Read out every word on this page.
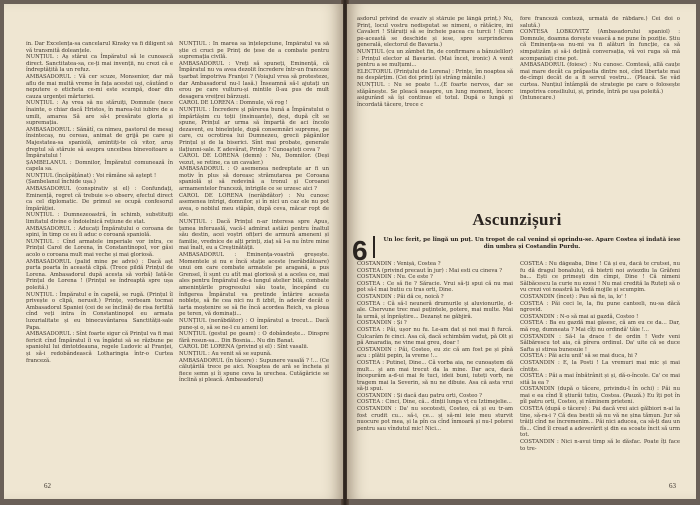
în. Dar Excelența-sa cancelarul Kinsky va fi diligent să vă transmită doleanțele.

NUNȚIUL : Aș stărui ca Împăratul să le cunoască direct. Sanctitatea-sa, ce-ți mai invenții, nu crezi că e îndreptățită la un refuz.

AMBASADORUL : Vă cer scuze, Monsenior, dar mă aflu de mai multă vreme în fața acestei uși, căutând o neputere o eticheta ce-mi este scumpă, doar din cauza urgenței mărturiei.

NUNȚIUL : Aș vrea să nu stăruiți, Domnule (nece înainte, o chiar dacă Hristos, în marea-lui iubire de a umili, amarea Să are să-i presărate gloria și supremația.

AMBASADORUL : Sănătî, ca nimeu, pastorul de mesaj însintecaș, nu cereau, animat de grijă pe care și Majestatea-sa spaniolă, amintiți-te că vitor, aruș dreptul să stăruie să asupra unceibea binevoitoare a Împăratului !

ȘAMBELANUL : Domnilor, Împăratul comunează în capela sa.

NUNȚIUL (încăpățânat) : Voi rămâne să aștept !

(Șambelanul închide ușa.)

AMBASADORUL (conspirativ și el) : Confundați, Eminență, regret că trebuie s-o observ, efectul direct ca cel diplomatic. De primul se ocupă confesorul împărăției.

NUNȚIUL : Dumnezeoastră, în schimb, substituiți limitatul divine o îndoielnică rețiune de stat.

AMBASADORUL : Aducați Împăratului o coroana de spini, în timp ce eu îi aduc o coroană spaniolă.

NUNȚIUL : Cînd armatele imperiale vor intra, ce Prințul Carol de Lorena, în Constantinopol, vor găsi acolo o coroana mult mai veche și mai gloriosă.

AMBASADORUL (palid mine pe advis) : Dacă așt purta poarta în această clipă. (Trece pildă Prințul de Lorena. Ambasadorul după acesta să vorbă) Iată-le Prințul de Lorena ! (Prințul se îndreaptă spre ușa poleită.)

NUNȚIUL : Împăratul e în capelă, se rugă. (Prințul îl privește o clipă, nerusit.) Prințe, vorbeam tocmai Ambasadorul Spaniei (cei de se înclină) de risa fertiltă cînd veți intra în Constantinopol eu armata luxurialitate și eu binecuvântarea Sanctității-sale Papa.

AMBASADORUL : Sînt foarte sigur că Prințul va fi mai fericit cînd Împăratul îi va îngădui să se răzbune pe spaniolul lui dintotdeauna, regele Ludovic al Franței, și să-i redobândească Lotharingia într-o Curtea franceză.

NUNȚIUL : În marea sa înțelepciune, Împăratul va să știe ci cruci pe Prinț de țese de a combate pentru supremația civilă.

AMBASADORUL : Vreți să spuneți, Eminență, că Împăratul nu va avea dezolit încredere într-un franceze tșarbat împotriva Franței ? (Voiajul vrea să protesteze, dar Ambasadorul nu-l lasă.) Înseamnă să-l ajutați un erou pe care vulturu-și mintile îl-au pus de mult desagera vreițrei bărzușii.

CAROL DE LORENA : Domnule, vă rog !

NUNȚIUL : Încredere și părerea bună a Împăratului o împărtășim cu toții (insinuante), deși, după cît se spune, Prințul ar urma să împartă de aci încolo dezavent, eu bineînțele, după consemnări supreme, pe care, cu ocrotirea lui Dumnezeu, grecii păgânilor Prințul și de la biserici. Sînt mai probate, generale ilațiunni-sale. E adevărat, Prințe ? Cunoașteți ceva ?

CAROL DE LORENA (demn) : Nu, Domnilor. (Deși vezut, se retine, ca un cavaler.)

AMBASADORUL : O asemenea nedreptate ar fi un motiv în plus să doreasc strămutarea pe Coroana spaniolă și să redevină a tronul și Coroanei armamentelor franceză, intrigile ce se urzesc aici ?

CAROL DE LORENA (nerăbdător) : Nu cunosc asemenea intrigi, domnilor, și în nici un caz ele nu pot avea, o nobilul meu stăpân, după ceva, măcar ropt de ele.

NUNȚIUL : Dacă Prințul n-ar interesa spre Apus, țamea inferuaslă, vacă-l admirat astăzi pentru înaltul său destin, acei voștri ofițeri de armură ameneni și familie, vrednice de alți prinți, ziaț să l-a nu între mine mai înalt, eu a Creștinătății.

AMBASADORUL : Eminența-voastră greșește. Momentele și nu e încă stație aceste (nerăbdătoare) unui om care combate armatele pe aragană, a pus Grensel, îi sunt cu atît mai gloriosă și a acelea ce, mai ales pentru Împăratul de-a lungul atelier bilă, combate amenințările progresului său toate, începând cu înfigerea Împăratul va pretinde întărire aceasta noblețe, să fie cea nici nu fi izbit, în adevăr decât o iarta moștenire se să fie încă acordea Reich, va ploua pe teren, vă dominați...

NUNȚIUL (nerăbdător) : O împăratul a trecut... Dacă pune-și o, să se ne-l cu ameni lor.

NUNȚIUL (gestul pe geam) : O dobândește... Dinspre fără rosun-sa... Din Bosnia... Nu din Banat.

CAROL DE LORENA (privind și el) : Sînt vasalii.

NUNȚIUL : Au venit să se supună.

AMBASADORUL (în tăcere) : Supunere vasală ? !... (Ce căluțărilă trece pe aici. Noaptea de ară se încheia și fiece semn și îi spune ceva la urechea. Cutăgăricie se înclină și pleacă. Ambasadorul)

62

asdorul privind de evaziv și stăruie pe lângă prinț.) Nu, Prinț, locul vostru nedisputat se nimeni, o rătăcire, ini Cavaleri ! Stăruiți să se încheie pacea cu turcii ! (Cum pe-această se deschide și iese, spre surprinderea generală, electorul de Bavaria.)

NUNȚIUL (cu un zâmbet fin, de confirmare a bănuielilor) : Prințul elector al Bavariei. (Mai încet, ironic) A venit pentru a se mulțumi...

ELECTORUL (Prințului de Lorena) : Prințe, îm noaptea să ne despărțim. (Cei doi prinți își strâng mâinile.)

NUNȚIUL : Nu se poate !...(E foarte nervos, dar se stăpânește. Se pleacă neaspre, un lung moment, încerc asigurând să își continue el totul. După o lungă și încordată tăcere, trece c

fore franceză conteză, urmată de răbdare.) Cei doi o salută.)

CONTESA LOBKOVITZ (Ambasadorului spaniol) : Domnule, doamna dorește vească a ne pune în poziție. Știu că Eminența-sa nu-mi va fi alături în funcție, ca să simpatizăm și să-i dețină conversația, vă voi ruga să mă acompaniați cine pot.

AMBASADORUL (foiesc) : Nu cunosc. Comtesă, allă cauțe mai mare decât ca prăpastia dintre noi, cînd libertate mai de-cîmpi decât de a fi servul vostru... (Pleacă. Se văd curtea. Nunțiul întâmplă de strategie pe care o folosește impotriva consiliului, și, prinde, întră pe ușa poleită.)

(Intunecare.)

Ascunzișuri
6	Un loc ferit, pe lîngă un puț. Un tropot de cal venind și oprindu-se. Apare Costea și îndată iese din umbra și Costandin Purdu.

COSTANDIN : Venișă, Costea ?

COSTEA (privind precaut în jur) : Mai esti cu cineva ?

COSTANDIN : Nu. Ce este ?

COSTEA : Ce să fie ? Săracie. Vrui să-ți spui că nu mai pot să-l mai butiu cu tras orti, Dine.

COSTANDIN : Păi dă ce, noică ?

COSTEA : Că să-l neuneră drumurile și aluvionurile, d-ale. Chervune trec mai puțintele, potere, mai multe. Mai la urmă, și înprăștire... Dezanșt ne găbjiră.

COSTANDIN : Și ?

COSTEA : Păi, ușor nu fu. Le-am dat și noi mai fi furcă. Culcarăm fe cinci. Asa că, dacă schimbăm vaduț, pă Olt și pă Amaradia, ne vine mai greu, doar !

COSTANDIN : Păi, Costeo, eu zic că am fost pe și pînă acu : plătii pepin, la vreme !...

COSTEA : Putinel, Dine... Că vorba aia, ne cunoaștem dă mult... și am mai trecut da la mine. Dar acu, dacă începurăm a-d-ui mai fe tuci, ideii buni, iuteți vorb, ne tragem mai la Severin, să nu ne dibuie. Asa că asta vrui să-ți spui.

COSTANDIN : Și dacă dau patru orti, Costeo ?

COSTEA : Cinci, Dine, că... dinții lunga vț cu Iztimejelie...

COSTANDIN : Da' nu socotesti, Costeo, că și eu tr-am fost crudit cu... să-i, ce... și să-mi ieie meu sturvit nuocure pot mea, și la pîn ca cînd înmoară și nu-l potersi pentru sau vîndutul mic! Nici...

COSTEA : Nu dăgeaba, Dine ! Că și eu, dacă te crutsei, nu fu dă dragul bonalului, că bietrii noi aviezdiu la Grăfeni ba... Ești ce primești din cîmpi, Dine ! Că nimeni Sălbăcescu la curie nu ezesi ! Nu mai credită la Ruteți să o vu crezi voi noastră la Vedă mojile și scumpim.

COSTANDIN (încet) : Pau să fie, ia, lo' !

COSTEA : Păi ceci le, la, fiu pune canteeli, nu-sa dăcă ngrovid.

COSTANDIN : N-o să mai ai gazdă, Costeo !

COSTEA : Ba eu gazdă mai găsesc, că am eu ce da... Dar, mă rog, dumneata ? Mai cîți nu ordindă' tăie !...

COSTANDIN : Să-l la drace ! de ordin ! Vedv veni Sălbărescu tot aia, că pîrera ordinul. Da' uite că se duce Safta și stirea bunesuie !

COSTEA : Păi aciu unil' să se mai duca, hi ?

COSTANDIN : E, la Posti ! La vremuri mai mic și mai cîntițe.

COSTEA : Păi a mai înbătrânit și și, dă-o-încole. Ca' ce mai sită la ea ?

COSTANDIN (după o tăcere, privindu-l în ochi) : Păi nu mai e ea cînd îl știurăi tutiu, Costea. (Pauză.) Eu îți pot în pîl patru orti, Costeo, și răminem prieteni.

COSTEA (după o tăcere) : Pai dacă vrei aici gălbiori n-ai la tine, să-ra-i ? Că dea bestii să nu vă ne șina tămun. Jur să trăiți cînd ne încremenim... Păi nici aducea, ca să-ți dau un fîs... Cînd îl cread a adeverărit și din ea scoate încit să urm tot.

COSTANDIN : Nici n-avui timp să le dăsfac. Poate îți face to tre-

63
